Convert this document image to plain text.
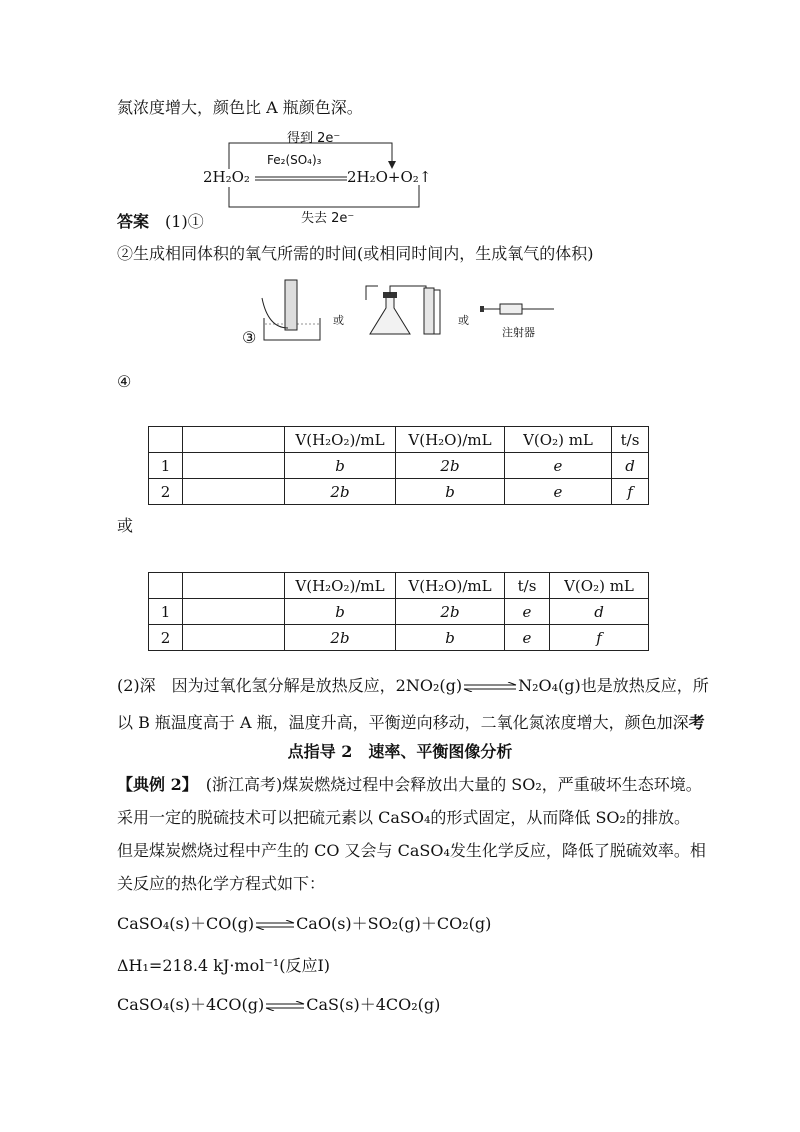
氮浓度增大，颜色比 A 瓶颜色深。
得到 2e⁻
Fe₂(SO₄)₃
2H₂O₂	2H₂O+O₂↑
失去 2e⁻
答案　 (1)①
②生成相同体积的氧气所需的时间(或相同时间内，生成氧气的体积)
③
或	或
注射器
④
		V(H₂O₂)/mL	V(H₂O)/mL	V(O₂) mL	t/s
1		b	2b	e	d
2		2b	b	e	f
或
		V(H₂O₂)/mL	V(H₂O)/mL	t/s	V(O₂) mL
1		b	2b	e	d
2		2b	b	e	f
(2)深　因为过氧化氢分解是放热反应，2NO₂(g)⇌N₂O₄(g)也是放热反应，所
以 B 瓶温度高于 A 瓶，温度升高，平衡逆向移动，二氧化氮浓度增大，颜色加深考
点指导 2　速率、平衡图像分析
【典例 2】　 (浙江高考)煤炭燃烧过程中会释放出大量的 SO₂，严重破坏生态环境。
采用一定的脱硫技术可以把硫元素以 CaSO₄的形式固定，从而降低 SO₂的排放。
但是煤炭燃烧过程中产生的 CO 又会与 CaSO₄发生化学反应，降低了脱硫效率。相
关反应的热化学方程式如下：
CaSO₄(s)＋CO(g)⇌CaO(s)＋SO₂(g)＋CO₂(g)
ΔH₁=218.4 kJ·mol⁻¹(反应Ⅰ)
CaSO₄(s)＋4CO(g)⇌CaS(s)＋4CO₂(g)
